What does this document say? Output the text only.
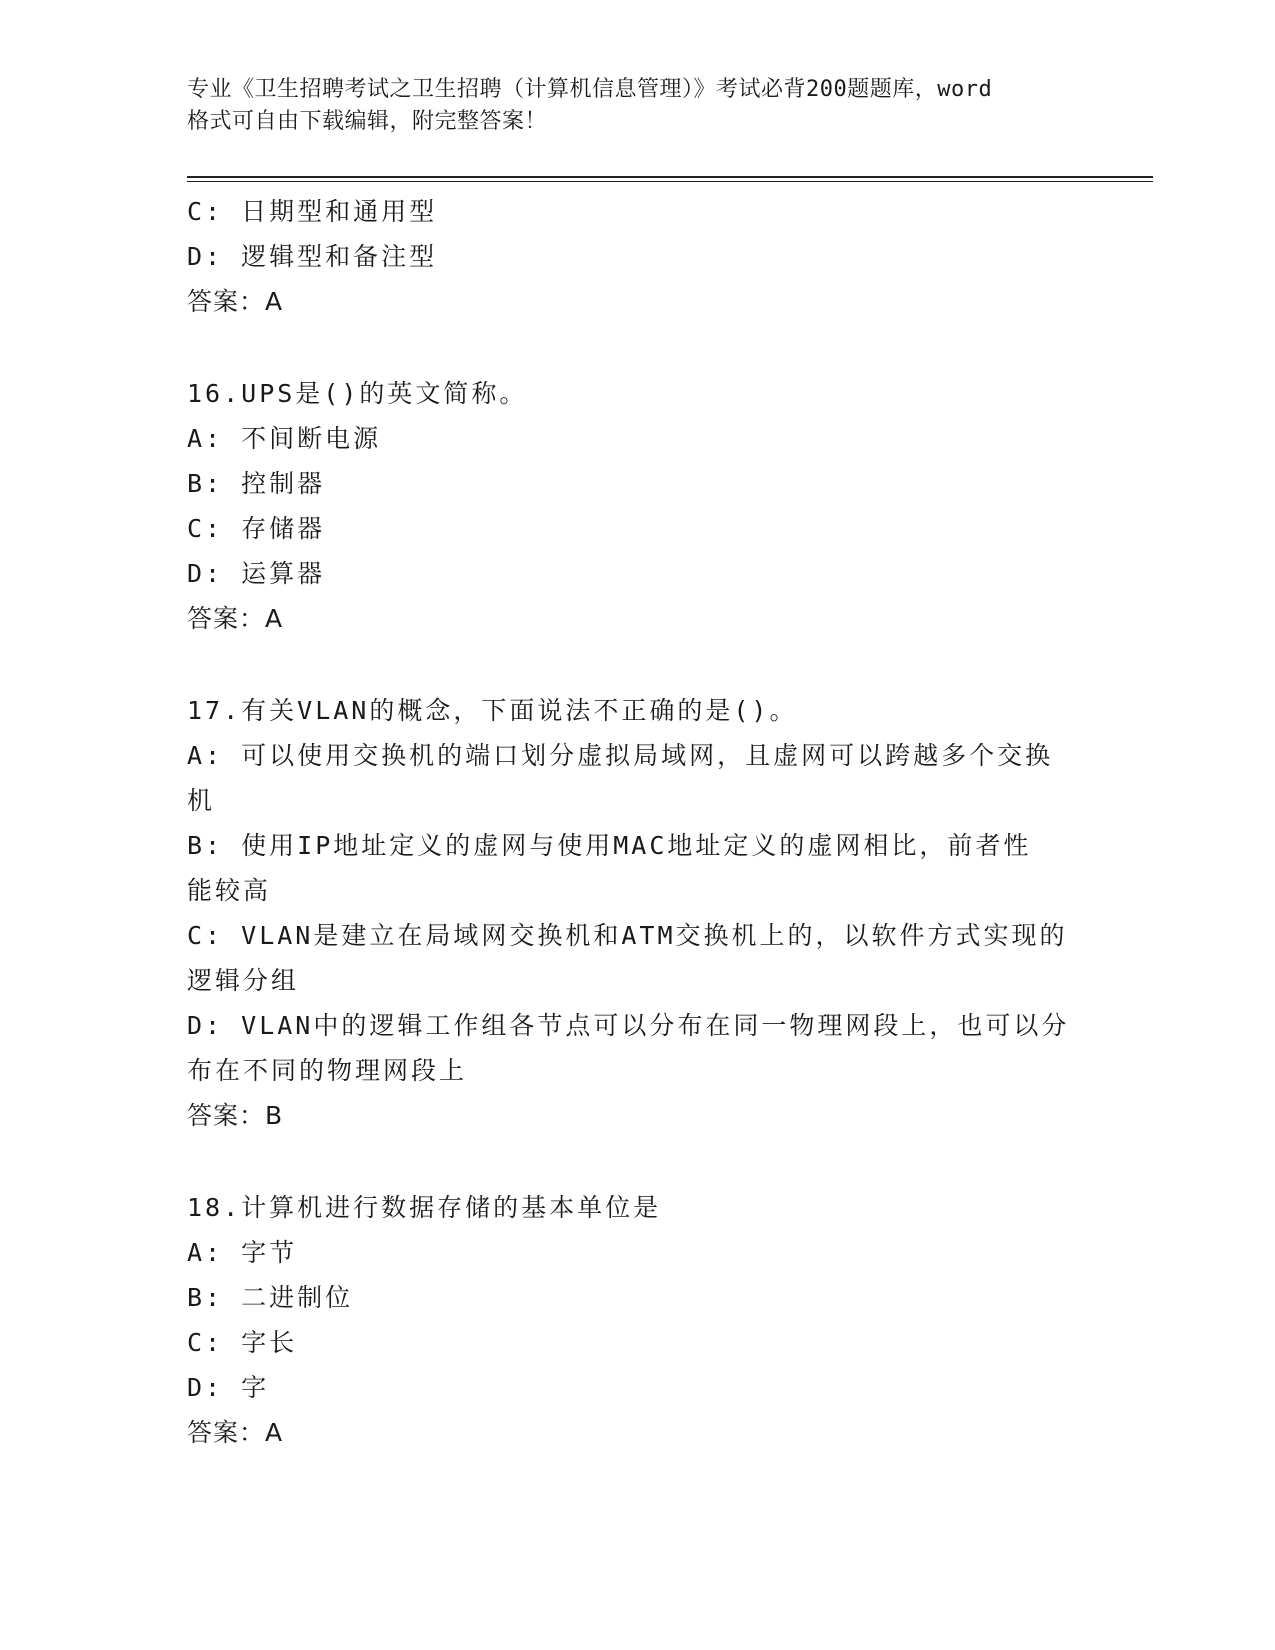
专业《卫生招聘考试之卫生招聘（计算机信息管理）》考试必背200题题库，word
格式可自由下载编辑，附完整答案！
C: 日期型和通用型
D: 逻辑型和备注型
答案：A
16.UPS是()的英文简称。
A: 不间断电源
B: 控制器
C: 存储器
D: 运算器
答案：A
17.有关VLAN的概念，下面说法不正确的是()。
A: 可以使用交换机的端口划分虚拟局域网，且虚网可以跨越多个交换
机
B: 使用IP地址定义的虚网与使用MAC地址定义的虚网相比，前者性
能较高
C: VLAN是建立在局域网交换机和ATM交换机上的，以软件方式实现的
逻辑分组
D: VLAN中的逻辑工作组各节点可以分布在同一物理网段上，也可以分
布在不同的物理网段上
答案：B
18.计算机进行数据存储的基本单位是
A: 字节
B: 二进制位
C: 字长
D: 字
答案：A
